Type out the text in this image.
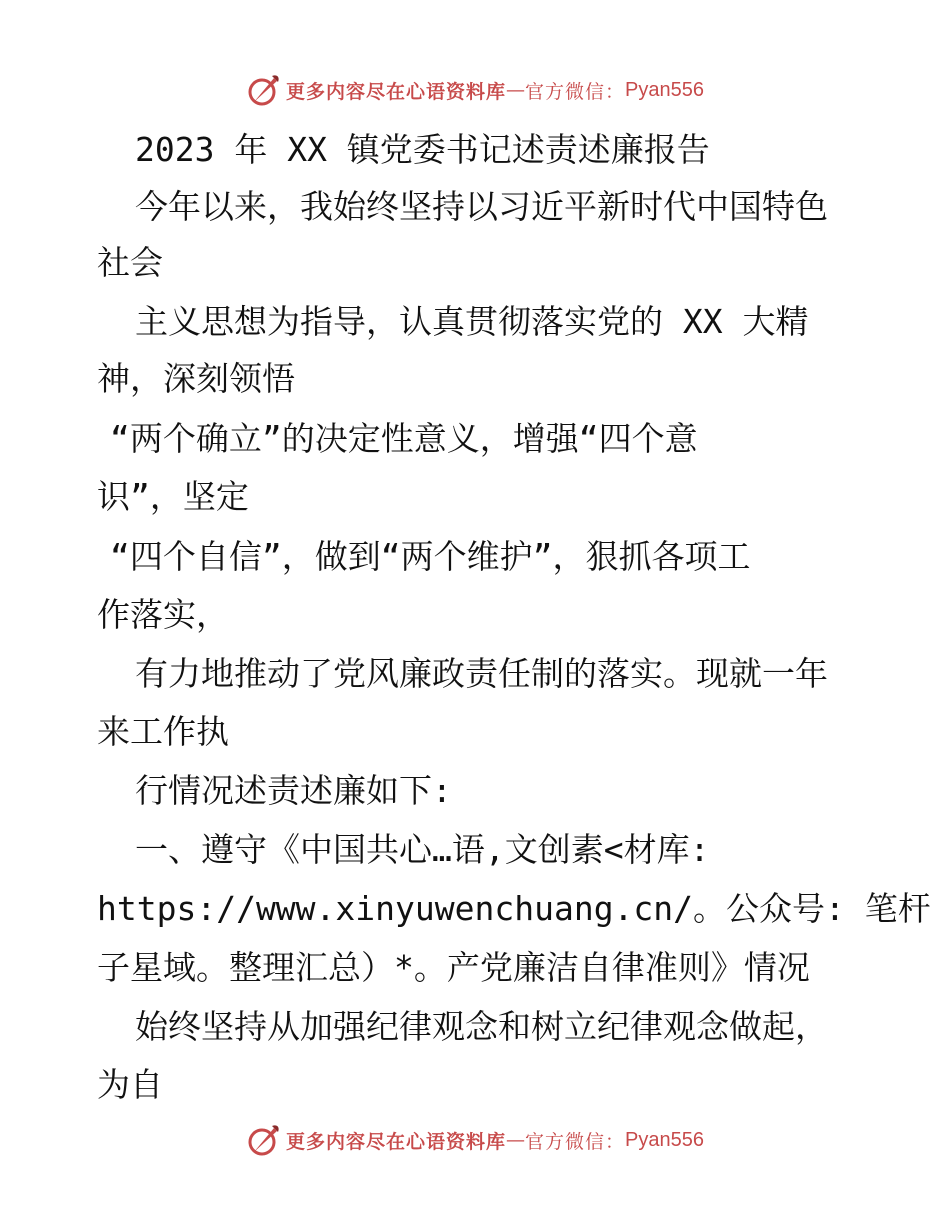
更多内容尽在心语资料库 — 官方微信： Pyan556
2023 年 XX 镇党委书记述责述廉报告
今年以来，我始终坚持以习近平新时代中国特色
社会
主义思想为指导，认真贯彻落实党的 XX 大精
神，深刻领悟
“两个确立”的决定性意义，增强“四个意
识”，坚定
“四个自信”，做到“两个维护”，狠抓各项工
作落实，
有力地推动了党风廉政责任制的落实。现就一年
来工作执
行情况述责述廉如下:
一、遵守《中国共心…语,文创素<材库:
https://www.xinyuwenchuang.cn/。公众号: 笔杆
子星域。整理汇总）*。产党廉洁自律准则》情况
始终坚持从加强纪律观念和树立纪律观念做起，
为自
更多内容尽在心语资料库 — 官方微信： Pyan556
